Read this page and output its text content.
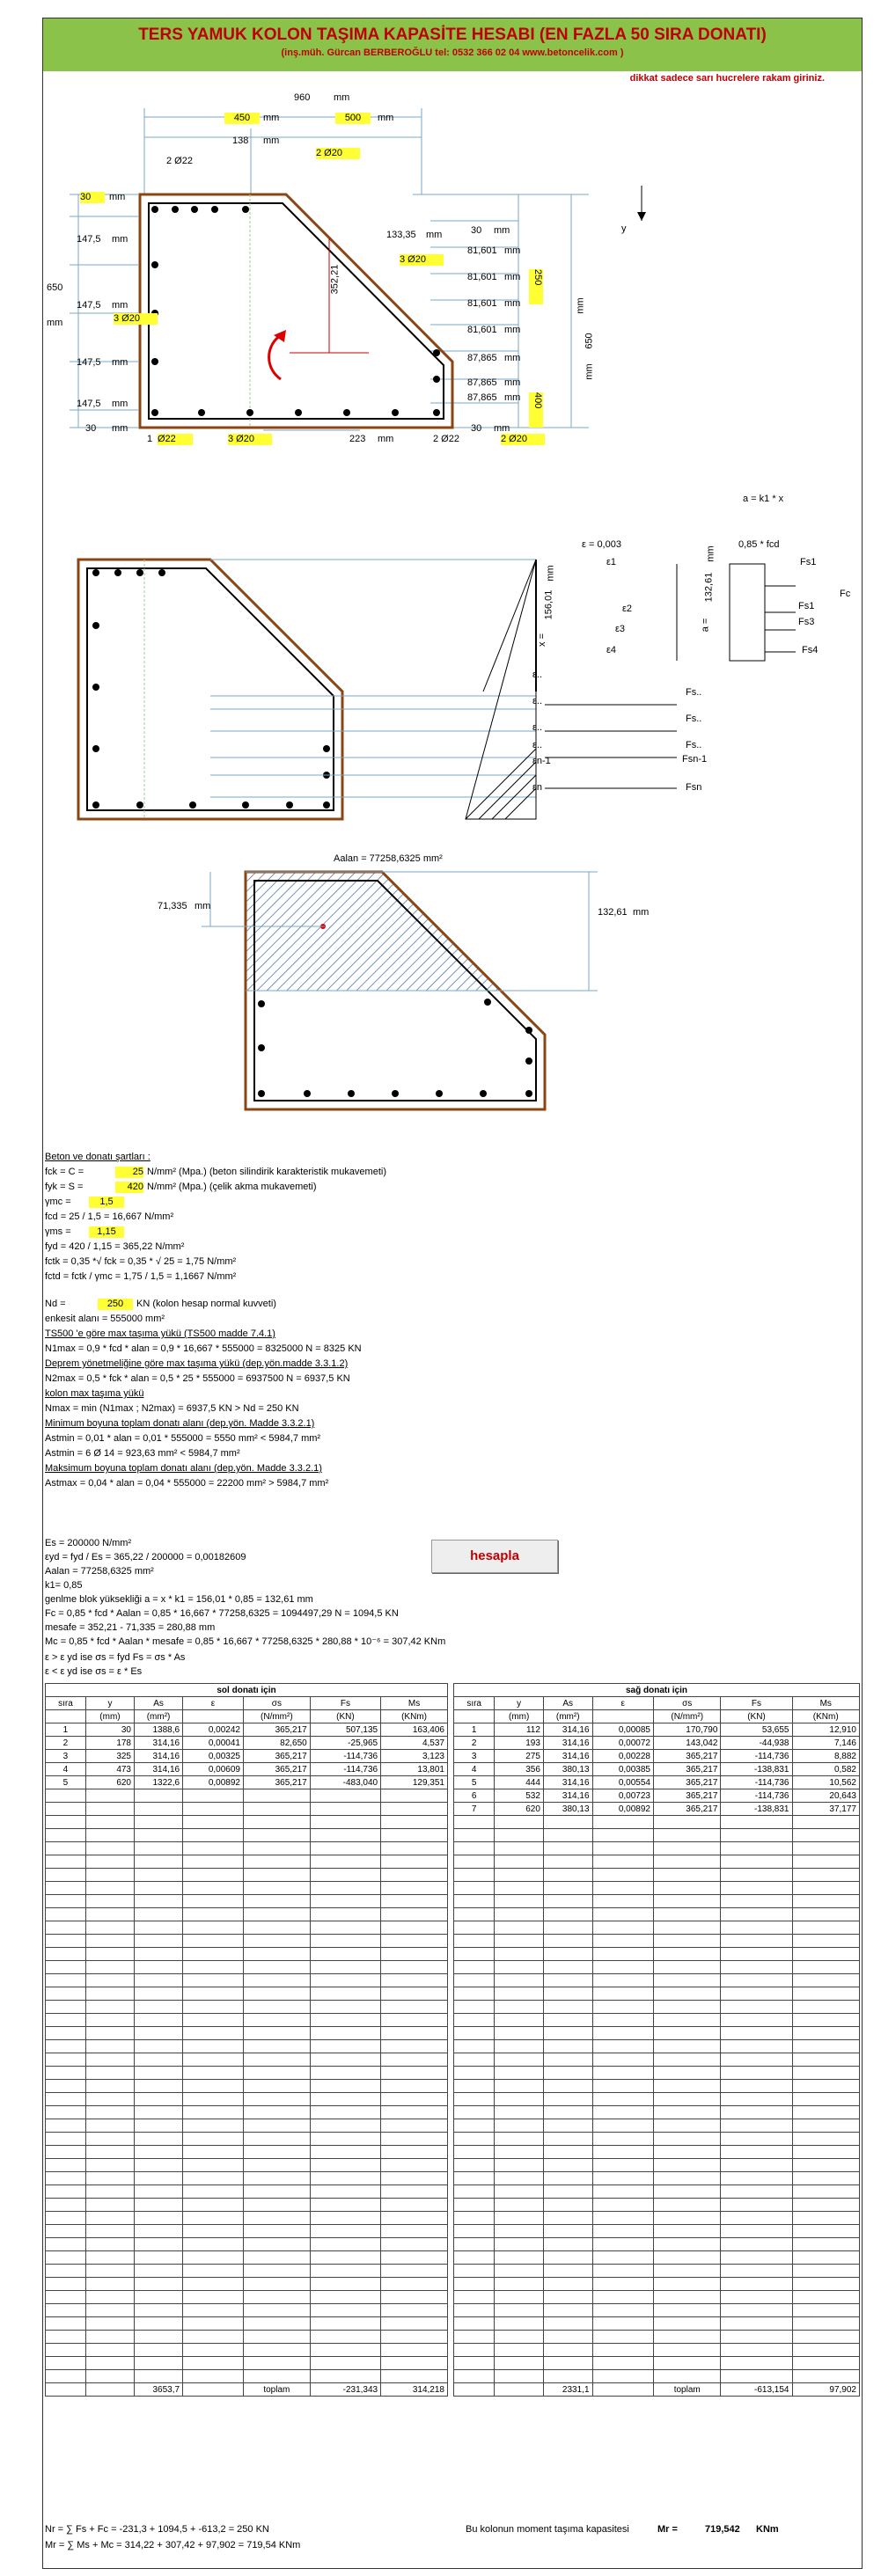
TERS YAMUK KOLON TAŞIMA KAPASİTE HESABI (EN FAZLA 50 SIRA DONATI)
(inş.müh. Gürcan BERBEROĞLU tel: 0532 366 02 04 www.betoncelik.com )
dikkat sadece sarı hucrelere rakam giriniz.
960 mm
450	mm	500	mm
138 mm
2 Ø22
2 Ø20
30	mm
147,5 mm
147,5 mm
3 Ø20
147,5 mm
147,5 mm
30 mm
650
mm
133,35 mm
352,21
3 Ø20
30 mm
81,601 mm
81,601 mm
81,601 mm
81,601 mm
87,865 mm
87,865 mm
87,865 mm
30 mm
250
400
mm
650
mm
y
1 Ø22	3 Ø20	223 mm	2 Ø22	2 Ø20
a = k1 * x
ε = 0,003	0,85 * fcd
ε1	Fs1
Fc
ε2	Fs1
Fs3
ε3
ε4	Fs4
mm
156,01
x =
mm
132,61
a =
ε..
ε..
ε..
ε..
εn-1
εn
Fs..
Fs..
Fs..
Fsn-1
Fsn
Aalan = 77258,6325 mm²
71,335 mm
132,61 mm
Beton ve donatı şartları :
fck = C =	25 N/mm² (Mpa.) (beton silindirik karakteristik mukavemeti)
fyk = S =	420 N/mm² (Mpa.) (çelik akma mukavemeti)
γmc =	1,5
fcd = 25 / 1,5 = 16,667 N/mm²
γms =	1,15
fyd = 420 / 1,15 = 365,22 N/mm²
fctk = 0,35 *√ fck = 0,35 * √ 25 = 1,75 N/mm²
fctd = fctk / γmc = 1,75 / 1,5 = 1,1667 N/mm²
Nd =	250	KN (kolon hesap normal kuvveti)
enkesit alanı = 555000 mm²
TS500 'e göre max taşıma yükü (TS500 madde 7.4.1)
N1max = 0,9 * fcd * alan = 0,9 * 16,667 * 555000 = 8325000 N = 8325 KN
Deprem yönetmeliğine göre max taşıma yükü (dep.yön.madde 3.3.1.2)
N2max = 0,5 * fck * alan = 0,5 * 25 * 555000 = 6937500 N = 6937,5 KN
kolon max taşıma yükü
Nmax = min (N1max ; N2max) = 6937,5 KN > Nd = 250 KN
Minimum boyuna toplam donatı alanı (dep.yön. Madde 3.3.2.1)
Astmin = 0,01 * alan = 0,01 * 555000 = 5550 mm² < 5984,7 mm²
Astmin = 6 Ø 14 = 923,63 mm² < 5984,7 mm²
Maksimum boyuna toplam donatı alanı (dep.yön. Madde 3.3.2.1)
Astmax = 0,04 * alan = 0,04 * 555000 = 22200 mm² > 5984,7 mm²
Es = 200000 N/mm²
εyd = fyd / Es = 365,22 / 200000 = 0,00182609
Aalan = 77258,6325 mm²
k1= 0,85
genlme blok yüksekliği a = x * k1 = 156,01 * 0,85 = 132,61 mm
Fc = 0,85 * fcd * Aalan = 0,85 * 16,667 * 77258,6325 = 1094497,29 N = 1094,5 KN
mesafe = 352,21 - 71,335 = 280,88 mm
Mc = 0,85 * fcd * Aalan * mesafe = 0,85 * 16,667 * 77258,6325 * 280,88 * 10⁻⁶ = 307,42 KNm
ε > ε yd ise σs = fyd Fs = σs * As
ε < ε yd ise σs = ε * Es
hesapla
sol donatı için						
sıra	y	As	ε	σs	Fs	Ms
	(mm)	(mm²)		(N/mm²)	(KN)	(KNm)
1	30	1388,6	0,00242	365,217	507,135	163,406
2	178	314,16	0,00041	82,650	-25,965	4,537
3	325	314,16	0,00325	365,217	-114,736	3,123
4	473	314,16	0,00609	365,217	-114,736	13,801
5	620	1322,6	0,00892	365,217	-483,040	129,351

		3653,7		toplam	-231,343	314,218
sağ donatı için						
sıra	y	As	ε	σs	Fs	Ms
	(mm)	(mm²)		(N/mm²)	(KN)	(KNm)
1	112	314,16	0,00085	170,790	53,655	12,910
2	193	314,16	0,00072	143,042	-44,938	7,146
3	275	314,16	0,00228	365,217	-114,736	8,882
4	356	380,13	0,00385	365,217	-138,831	0,582
5	444	314,16	0,00554	365,217	-114,736	10,562
6	532	314,16	0,00723	365,217	-114,736	20,643
7	620	380,13	0,00892	365,217	-138,831	37,177

		2331,1		toplam	-613,154	97,902
Nr = ∑ Fs + Fc = -231,3 + 1094,5 + -613,2 = 250 KN
Mr = ∑ Ms + Mc = 314,22 + 307,42 + 97,902 = 719,54 KNm
Bu kolonun moment taşıma kapasitesi	Mr =	719,542 KNm
